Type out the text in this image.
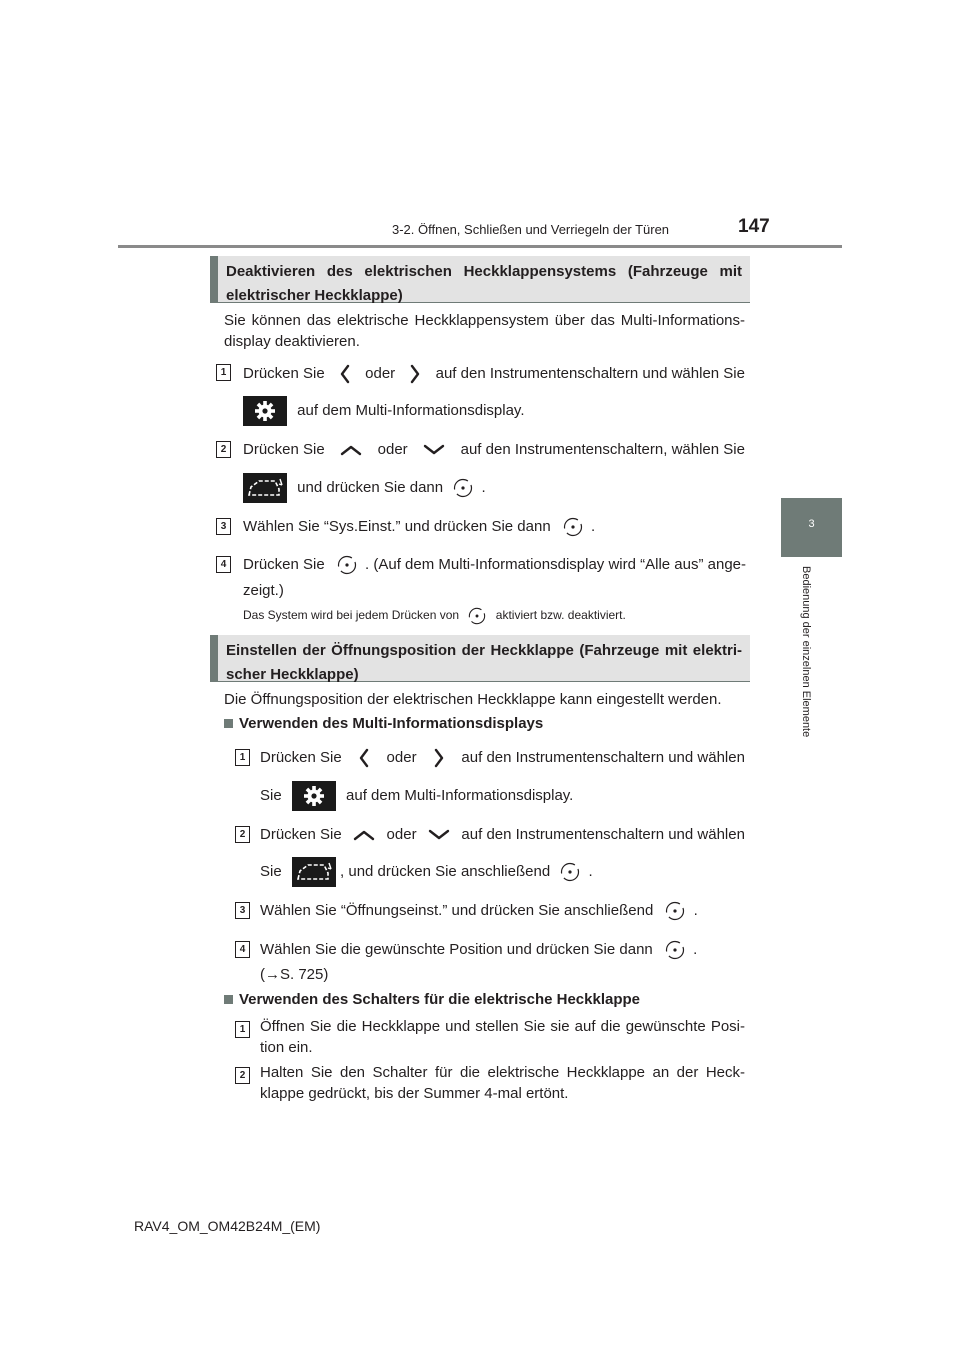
3-2. Öffnen, Schließen und Verriegeln der Türen	147
3
Bedienung der einzelnen Elemente
Deaktivieren des elektrischen Heckklappensystems (Fahrzeuge mit
elektrischer Heckklappe)
Sie können das elektrische Heckklappensystem über das Multi-Informations-
display deaktivieren.
1	Drücken Sie	oder	auf den Instrumentenschaltern und wählen Sie
auf dem Multi-Informationsdisplay.
2	Drücken Sie	oder	auf den Instrumentenschaltern, wählen Sie
und drücken Sie dann	.
3	Wählen Sie “Sys.Einst.” und drücken Sie dann	.
4	Drücken Sie	. (Auf dem Multi-Informationsdisplay wird “Alle aus” ange-
zeigt.)
Das System wird bei jedem Drücken von	aktiviert bzw. deaktiviert.
Einstellen der Öffnungsposition der Heckklappe (Fahrzeuge mit elektri-
scher Heckklappe)
Die Öffnungsposition der elektrischen Heckklappe kann eingestellt werden.
Verwenden des Multi-Informationsdisplays
1 Drücken Sie	oder	auf den Instrumentenschaltern und wählen
Sie	auf dem Multi-Informationsdisplay.
2 Drücken Sie	oder	auf den Instrumentenschaltern und wählen
Sie	, und drücken Sie anschließend	.
3 Wählen Sie “Öffnungseinst.” und drücken Sie anschließend	.
4 Wählen Sie die gewünschte Position und drücken Sie dann	.
(→S. 725)
Verwenden des Schalters für die elektrische Heckklappe
1 Öffnen Sie die Heckklappe und stellen Sie sie auf die gewünschte Posi-
tion ein.
2 Halten Sie den Schalter für die elektrische Heckklappe an der Heck-
klappe gedrückt, bis der Summer 4-mal ertönt.
RAV4_OM_OM42B24M_(EM)
